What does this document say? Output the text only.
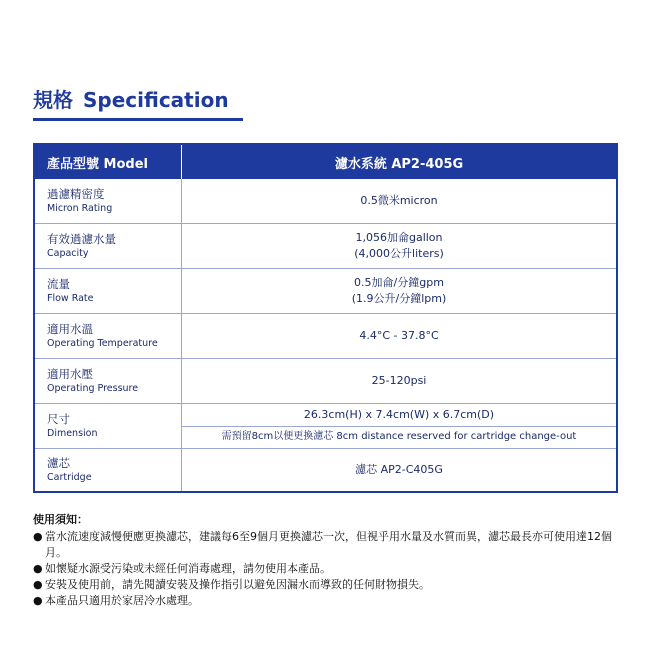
規格 Specification
產品型號 Model	濾水系統 AP2-405G
過濾精密度
Micron Rating
0.5微米micron
有效過濾水量
Capacity
1,056加侖gallon
(4,000公升liters)
流量
Flow Rate
0.5加侖/分鐘gpm
(1.9公升/分鐘lpm)
適用水溫
Operating Temperature
4.4°C - 37.8°C
適用水壓
Operating Pressure
25-120psi
尺寸
Dimension
26.3cm(H) x 7.4cm(W) x 6.7cm(D)
需預留8cm以便更換濾芯 8cm distance reserved for cartridge change-out
濾芯
Cartridge
濾芯 AP2-C405G
使用須知：
● 當水流速度減慢便應更換濾芯，建議每6至9個月更換濾芯一次，但視乎用水量及水質而異，濾芯最長亦可使用達12個月。
● 如懷疑水源受污染或未經任何消毒處理，請勿使用本產品。
● 安裝及使用前，請先閱讀安裝及操作指引以避免因漏水而導致的任何財物損失。
● 本產品只適用於家居冷水處理。
